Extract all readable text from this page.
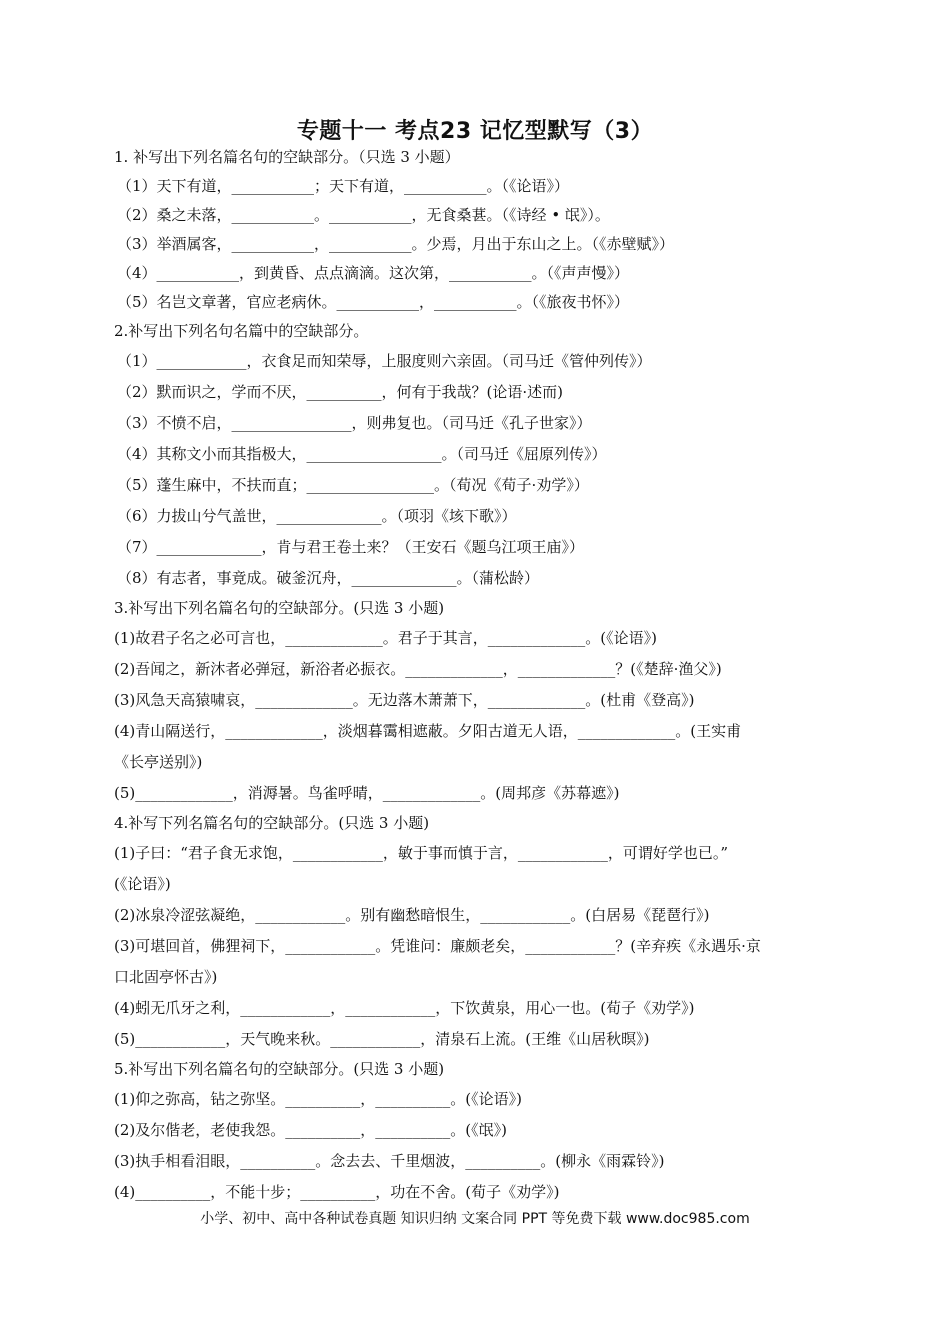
专题十一 考点23 记忆型默写（3）
1. 补写出下列名篇名句的空缺部分。（只选 3 小题）
（1）天下有道，___________；天下有道，___________。（《论语》）
（2）桑之未落，___________。___________，无食桑葚。（《诗经 • 氓》）。
（3）举酒属客，___________，___________。少焉，月出于东山之上。（《赤壁赋》）
（4）___________，到黄昏、点点滴滴。这次第，___________。（《声声慢》）
（5）名岂文章著，官应老病休。___________，___________。（《旅夜书怀》）
2.补写出下列名句名篇中的空缺部分。
（1）____________，衣食足而知荣辱，上服度则六亲固。（司马迁《管仲列传》）
（2）默而识之，学而不厌，__________，何有于我哉？(论语·述而)
（3）不愤不启，________________，则弗复也。（司马迁《孔子世家》）
（4）其称文小而其指极大，__________________。（司马迁《屈原列传》）
（5）蓬生麻中，不扶而直；_________________。（荀况《荀子·劝学》）
（6）力拔山兮气盖世，______________。（项羽《垓下歌》）
（7）______________，肯与君王卷土来？（王安石《题乌江项王庙》）
（8）有志者，事竟成。破釜沉舟，______________。（蒲松龄）
3.补写出下列名篇名句的空缺部分。(只选 3 小题)
(1)故君子名之必可言也，_____________。君子于其言，_____________。(《论语》)
(2)吾闻之，新沐者必弹冠，新浴者必振衣。_____________，_____________？(《楚辞·渔父》)
(3)风急天高猿啸哀，_____________。无边落木萧萧下，_____________。(杜甫《登高》)
(4)青山隔送行，_____________，淡烟暮霭相遮蔽。夕阳古道无人语，_____________。(王实甫
《长亭送别》)
(5)_____________，消溽暑。鸟雀呼晴，_____________。(周邦彦《苏幕遮》)
4.补写下列名篇名句的空缺部分。(只选 3 小题)
(1)子曰：“君子食无求饱，____________，敏于事而慎于言，____________，可谓好学也已。”
(《论语》)
(2)冰泉冷涩弦凝绝，____________。别有幽愁暗恨生，____________。(白居易《琵琶行》)
(3)可堪回首，佛狸祠下，____________。凭谁问：廉颇老矣，____________？(辛弃疾《永遇乐·京
口北固亭怀古》)
(4)蚓无爪牙之利，____________，____________，下饮黄泉，用心一也。(荀子《劝学》)
(5)____________，天气晚来秋。____________，清泉石上流。(王维《山居秋暝》)
5.补写出下列名篇名句的空缺部分。(只选 3 小题)
(1)仰之弥高，钻之弥坚。__________，__________。(《论语》)
(2)及尔偕老，老使我怨。__________，__________。(《氓》)
(3)执手相看泪眼，__________。念去去、千里烟波，__________。(柳永《雨霖铃》)
(4)__________，不能十步；__________，功在不舍。(荀子《劝学》)
小学、初中、高中各种试卷真题 知识归纳 文案合同 PPT 等免费下载 www.doc985.com
